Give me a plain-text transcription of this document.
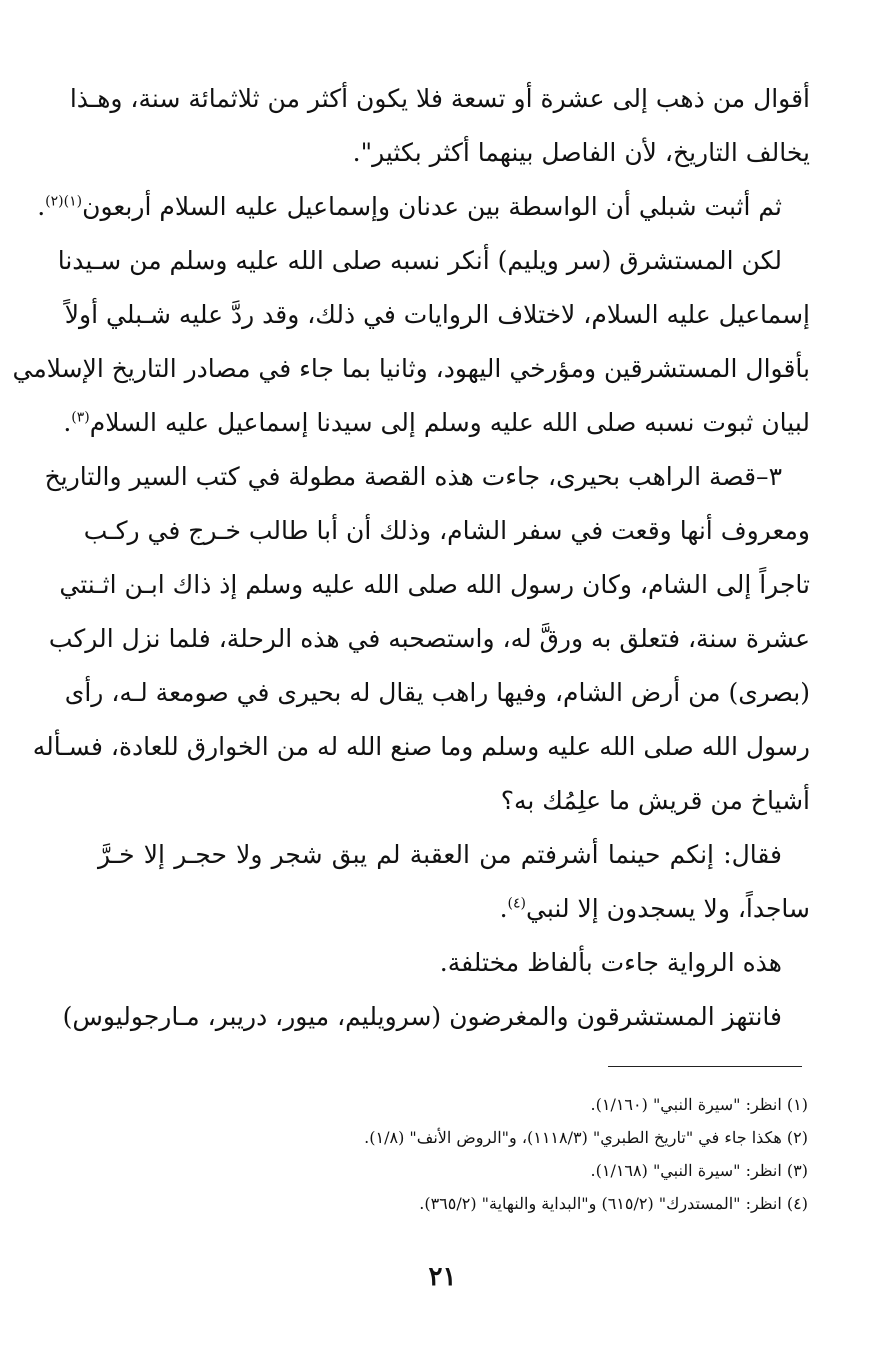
أقوال من ذهب إلى عشرة أو تسعة فلا يكون أكثر من ثلاثمائة سنة، وهـذا
يخالف التاريخ، لأن الفاصل بينهما أكثر بكثير".
ثم أثبت شبلي أن الواسطة بين عدنان وإسماعيل عليه السلام أربعون$^{(١)(٢)}$.
لكن المستشرق (سر ويليم) أنكر نسبه صلى الله عليه وسلم من سـيدنا
إسماعيل عليه السلام، لاختلاف الروايات في ذلك، وقد ردَّ عليه شـبلي أولاً
بأقوال المستشرقين ومؤرخي اليهود، وثانيا بما جاء في مصادر التاريخ الإسلامي
لبيان ثبوت نسبه صلى الله عليه وسلم إلى سيدنا إسماعيل عليه السلام$^{(٣)}$.
٣–قصة الراهب بحيرى، جاءت هذه القصة مطولة في كتب السير والتاريخ
ومعروف أنها وقعت في سفر الشام، وذلك أن أبا طالب خـرج في ركـب
تاجراً إلى الشام، وكان رسول الله صلى الله عليه وسلم إذ ذاك ابـن اثـنتي
عشرة سنة، فتعلق به ورقَّ له، واستصحبه في هذه الرحلة، فلما نزل الركب
(بصرى) من أرض الشام، وفيها راهب يقال له بحيرى في صومعة لـه، رأى
رسول الله صلى الله عليه وسلم وما صنع الله له من الخوارق للعادة، فسـأله
أشياخ من قريش ما علِمُك به؟
فقال: إنكم حينما أشرفتم من العقبة لم يبق شجر ولا حجـر إلا خـرَّ
ساجداً، ولا يسجدون إلا لنبي$^{(٤)}$.
هذه الرواية جاءت بألفاظ مختلفة.
فانتهز المستشرقون والمغرضون (سرويليم، ميور، دريبر، مـارجوليوس)
(١) انظر: "سيرة النبي" (١/١٦٠).
(٢) هكذا جاء في "تاريخ الطبري" (١١١٨/٣)، و"الروض الأنف" (١/٨).
(٣) انظر: "سيرة النبي" (١/١٦٨).
(٤) انظر: "المستدرك" (٦١٥/٢) و"البداية والنهاية" (٣٦٥/٢).
٢١
